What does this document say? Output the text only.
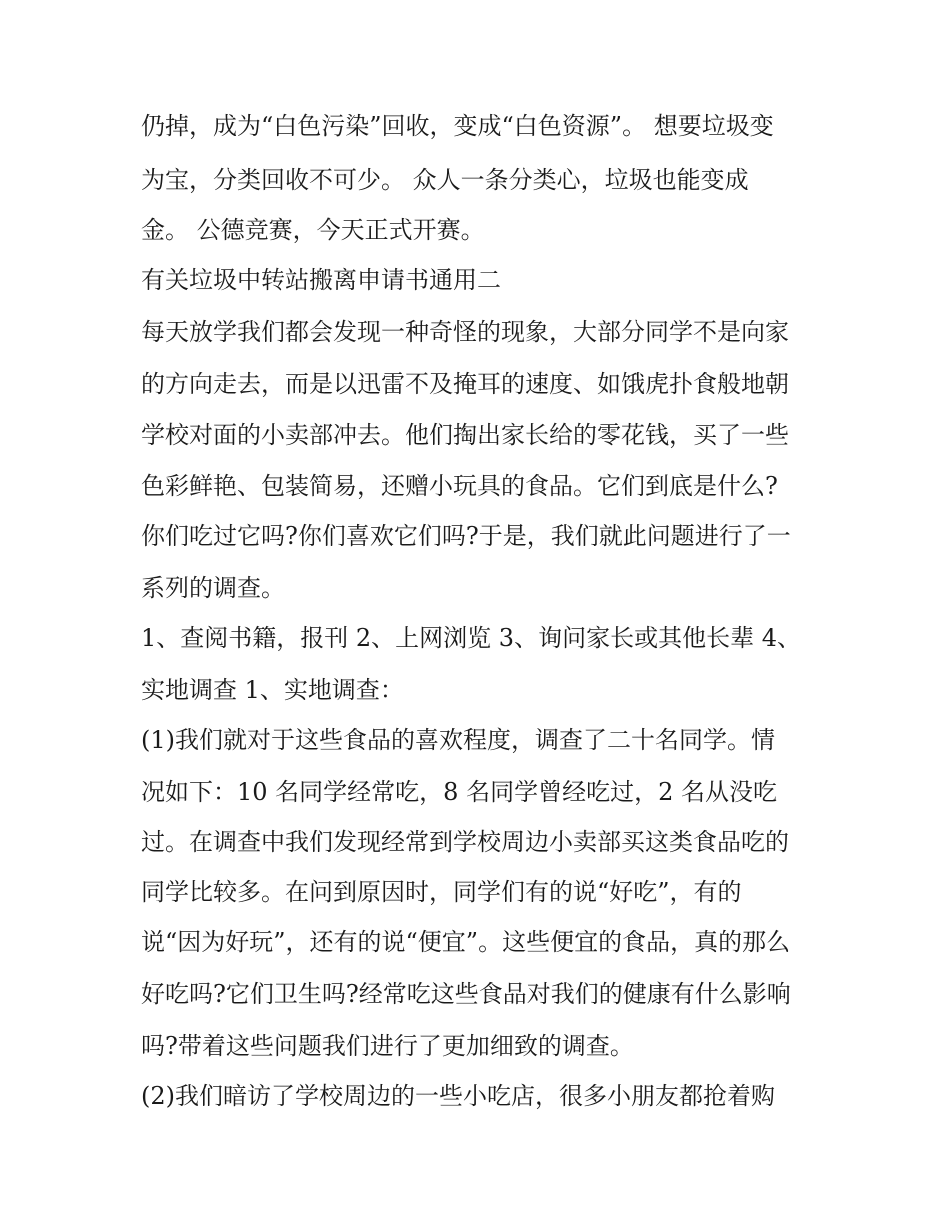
仍掉，成为“白色污染”回收，变成“白色资源”。 想要垃圾变

为宝，分类回收不可少。 众人一条分类心，垃圾也能变成

金。 公德竞赛，今天正式开赛。

有关垃圾中转站搬离申请书通用二

每天放学我们都会发现一种奇怪的现象，大部分同学不是向家

的方向走去，而是以迅雷不及掩耳的速度、如饿虎扑食般地朝

学校对面的小卖部冲去。他们掏出家长给的零花钱，买了一些

色彩鲜艳、包装简易，还赠小玩具的食品。它们到底是什么?

你们吃过它吗?你们喜欢它们吗?于是，我们就此问题进行了一

系列的调查。

1、查阅书籍，报刊 2、上网浏览 3、询问家长或其他长辈 4、

实地调查 1、实地调查：

(1)我们就对于这些食品的喜欢程度，调查了二十名同学。情

况如下：10 名同学经常吃，8 名同学曾经吃过，2 名从没吃

过。在调查中我们发现经常到学校周边小卖部买这类食品吃的

同学比较多。在问到原因时，同学们有的说“好吃”，有的

说“因为好玩”，还有的说“便宜”。这些便宜的食品，真的那么

好吃吗?它们卫生吗?经常吃这些食品对我们的健康有什么影响

吗?带着这些问题我们进行了更加细致的调查。

(2)我们暗访了学校周边的一些小吃店，很多小朋友都抢着购
